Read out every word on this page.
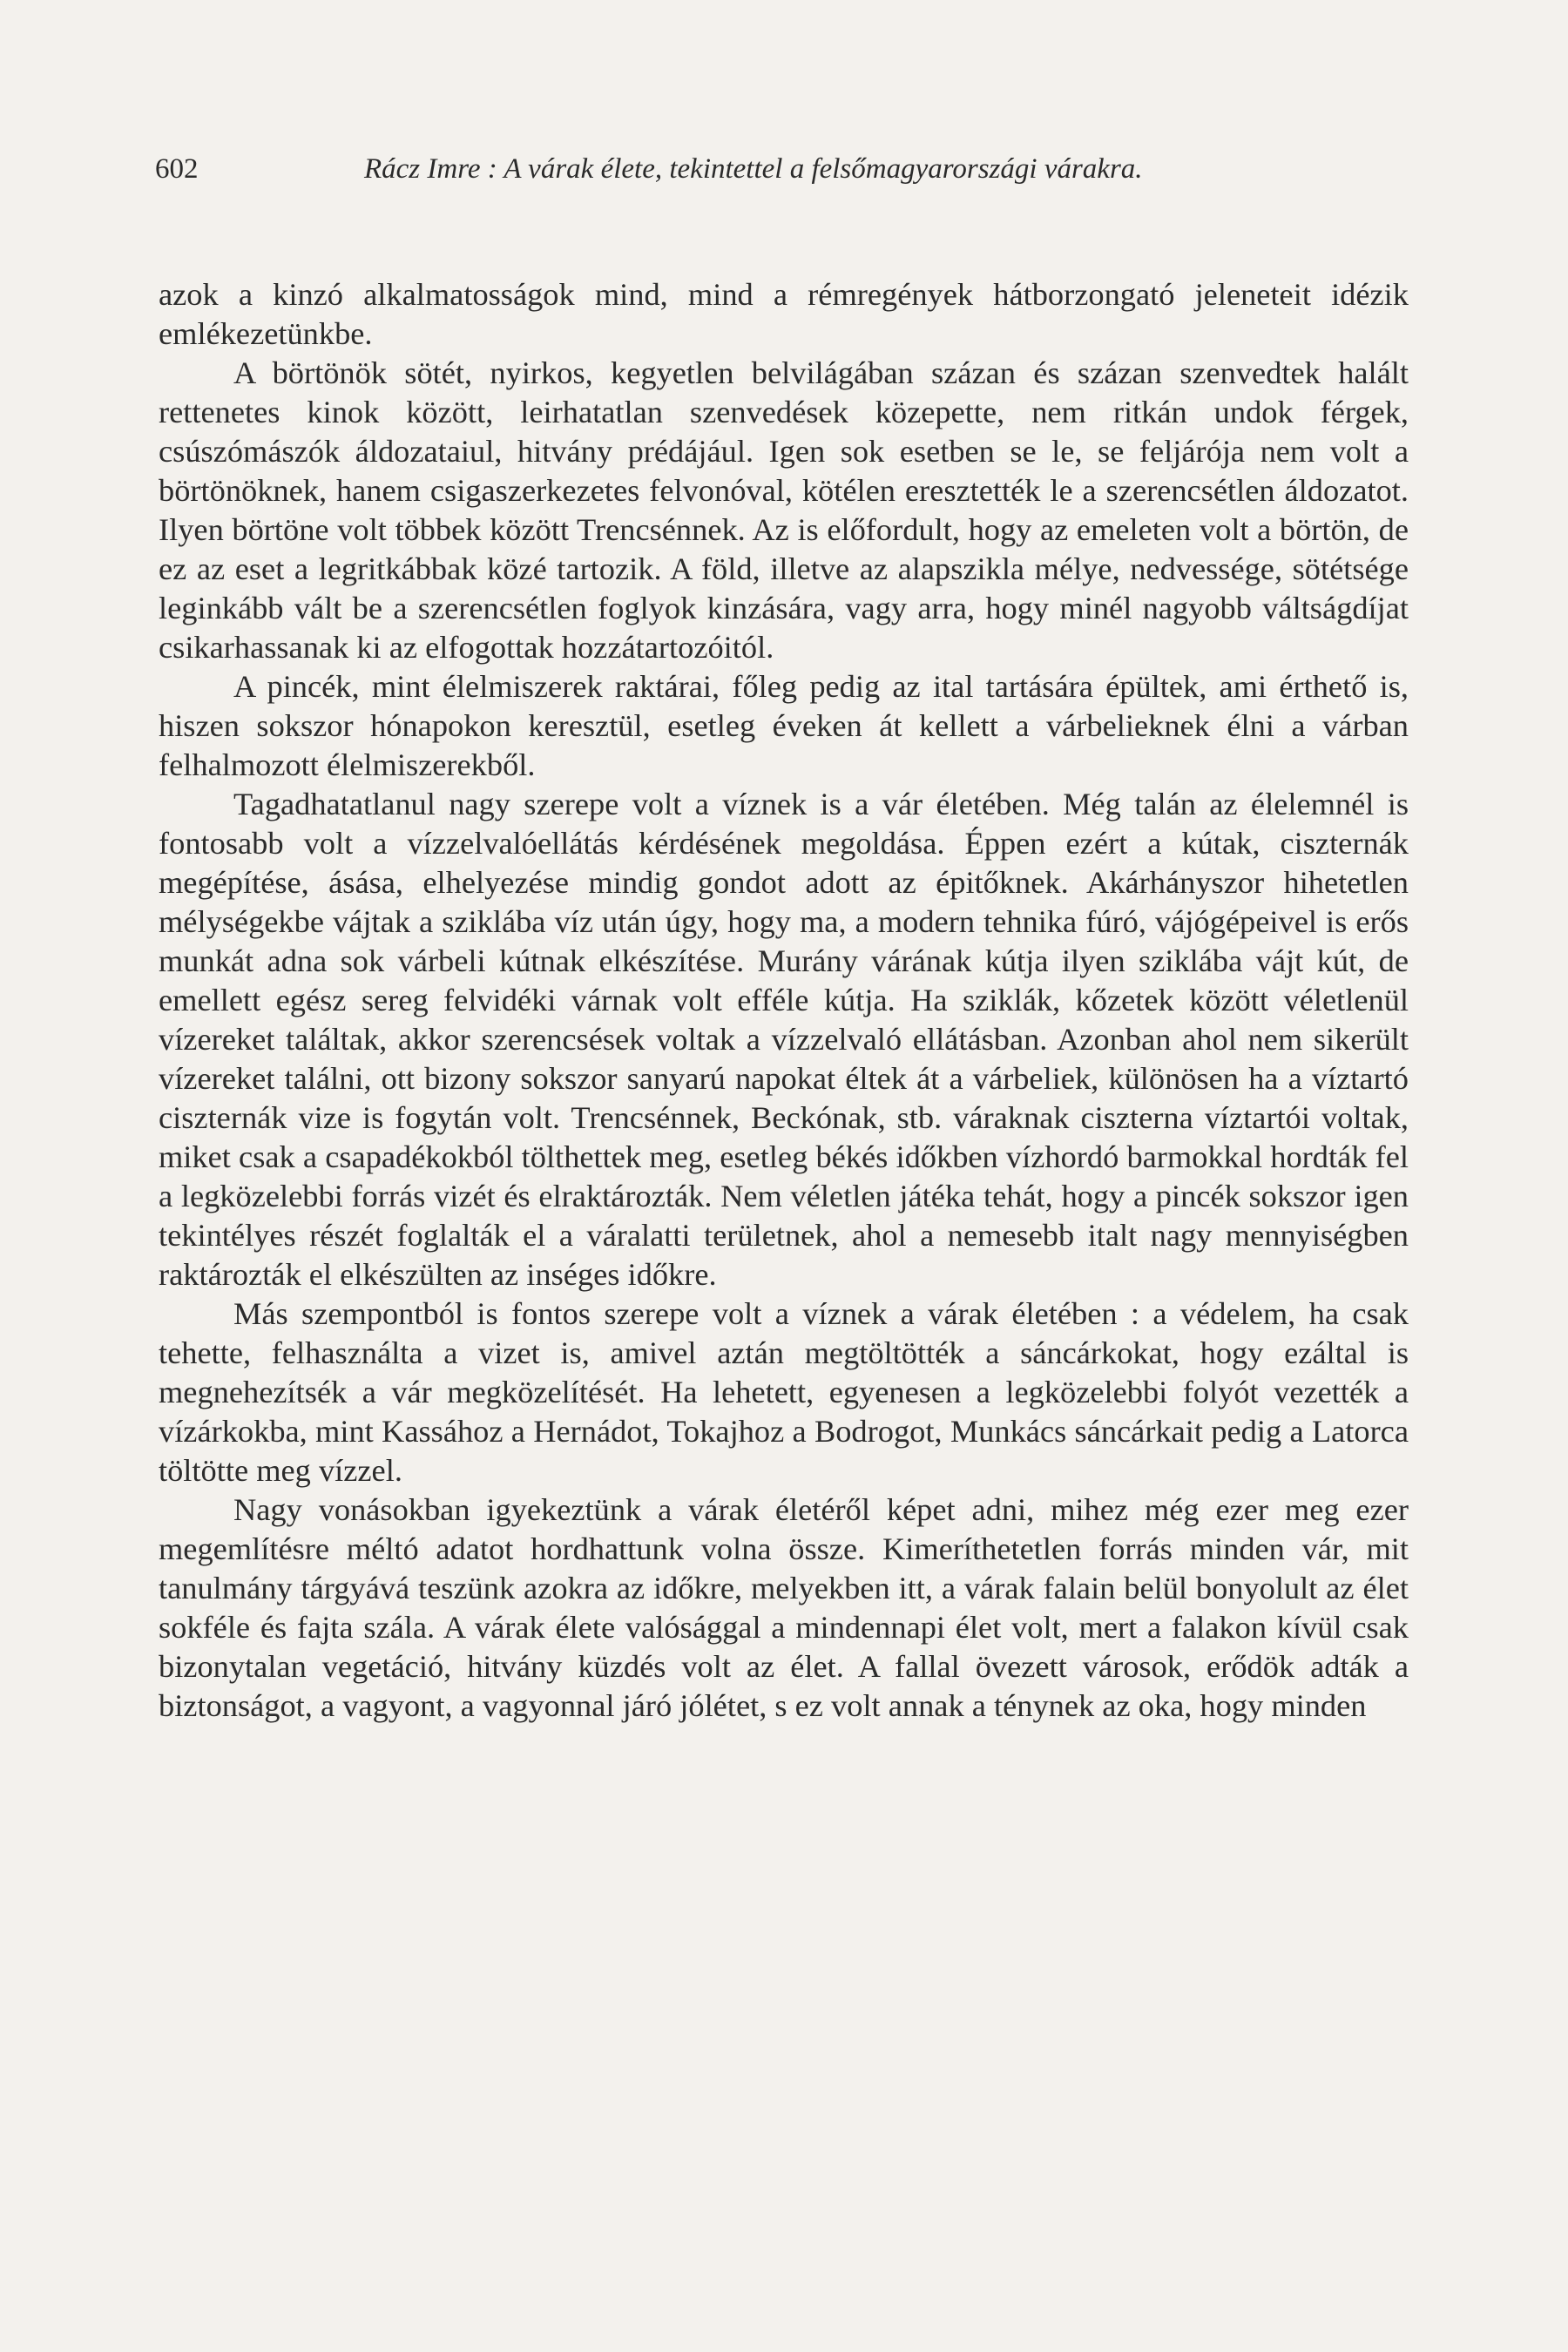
602	Rácz Imre : A várak élete, tekintettel a felsőmagyarországi várakra.

azok a kinzó alkalmatosságok mind, mind a rémregények hátborzongató jeleneteit idézik emlékezetünkbe.

A börtönök sötét, nyirkos, kegyetlen belvilágában százan és százan szenvedtek halált rettenetes kinok között, leirhatatlan szenvedések közepette, nem ritkán undok férgek, csúszómászók áldozataiul, hitvány prédájául. Igen sok esetben se le, se feljárója nem volt a börtönöknek, hanem csigaszerkezetes felvonóval, kötélen eresztették le a szerencsétlen áldozatot. Ilyen börtöne volt többek között Trencsénnek. Az is előfordult, hogy az emeleten volt a börtön, de ez az eset a legritkábbak közé tartozik. A föld, illetve az alapszikla mélye, nedvessége, sötétsége leginkább vált be a szerencsétlen foglyok kinzására, vagy arra, hogy minél nagyobb váltságdíjat csikarhassanak ki az elfogottak hozzátartozóitól.

A pincék, mint élelmiszerek raktárai, főleg pedig az ital tartására épültek, ami érthető is, hiszen sokszor hónapokon keresztül, esetleg éveken át kellett a várbelieknek élni a várban felhalmozott élelmiszerekből.

Tagadhatatlanul nagy szerepe volt a víznek is a vár életében. Még talán az élelemnél is fontosabb volt a vízzelvalóellátás kérdésének megoldása. Éppen ezért a kútak, ciszternák megépítése, ásása, elhelyezése mindig gondot adott az épitőknek. Akárhányszor hihetetlen mélységekbe vájtak a sziklába víz után úgy, hogy ma, a modern tehnika fúró, vájógépeivel is erős munkát adna sok várbeli kútnak elkészítése. Murány várának kútja ilyen sziklába vájt kút, de emellett egész sereg felvidéki várnak volt efféle kútja. Ha sziklák, kőzetek között véletlenül vízereket találtak, akkor szerencsések voltak a vízzelvaló ellátásban. Azonban ahol nem sikerült vízereket találni, ott bizony sokszor sanyarú napokat éltek át a várbeliek, különösen ha a víztartó ciszternák vize is fogytán volt. Trencsénnek, Beckónak, stb. váraknak ciszterna víztartói voltak, miket csak a csapadékokból tölthettek meg, esetleg békés időkben vízhordó barmokkal hordták fel a legközelebbi forrás vizét és elraktározták. Nem véletlen játéka tehát, hogy a pincék sokszor igen tekintélyes részét foglalták el a váralatti területnek, ahol a nemesebb italt nagy mennyiségben raktározták el elkészülten az inséges időkre.

Más szempontból is fontos szerepe volt a víznek a várak életében : a védelem, ha csak tehette, felhasználta a vizet is, amivel aztán megtöltötték a sáncárkokat, hogy ezáltal is megnehezítsék a vár megközelítését. Ha lehetett, egyenesen a legközelebbi folyót vezették a vízárkokba, mint Kassához a Hernádot, Tokajhoz a Bodrogot, Munkács sáncárkait pedig a Latorca töltötte meg vízzel.

Nagy vonásokban igyekeztünk a várak életéről képet adni, mihez még ezer meg ezer megemlítésre méltó adatot hordhattunk volna össze. Kimeríthetetlen forrás minden vár, mit tanulmány tárgyává teszünk azokra az időkre, melyekben itt, a várak falain belül bonyolult az élet sokféle és fajta szála. A várak élete valósággal a mindennapi élet volt, mert a falakon kívül csak bizonytalan vegetáció, hitvány küzdés volt az élet. A fallal övezett városok, erődök adták a biztonságot, a vagyont, a vagyonnal járó jólétet, s ez volt annak a ténynek az oka, hogy minden
